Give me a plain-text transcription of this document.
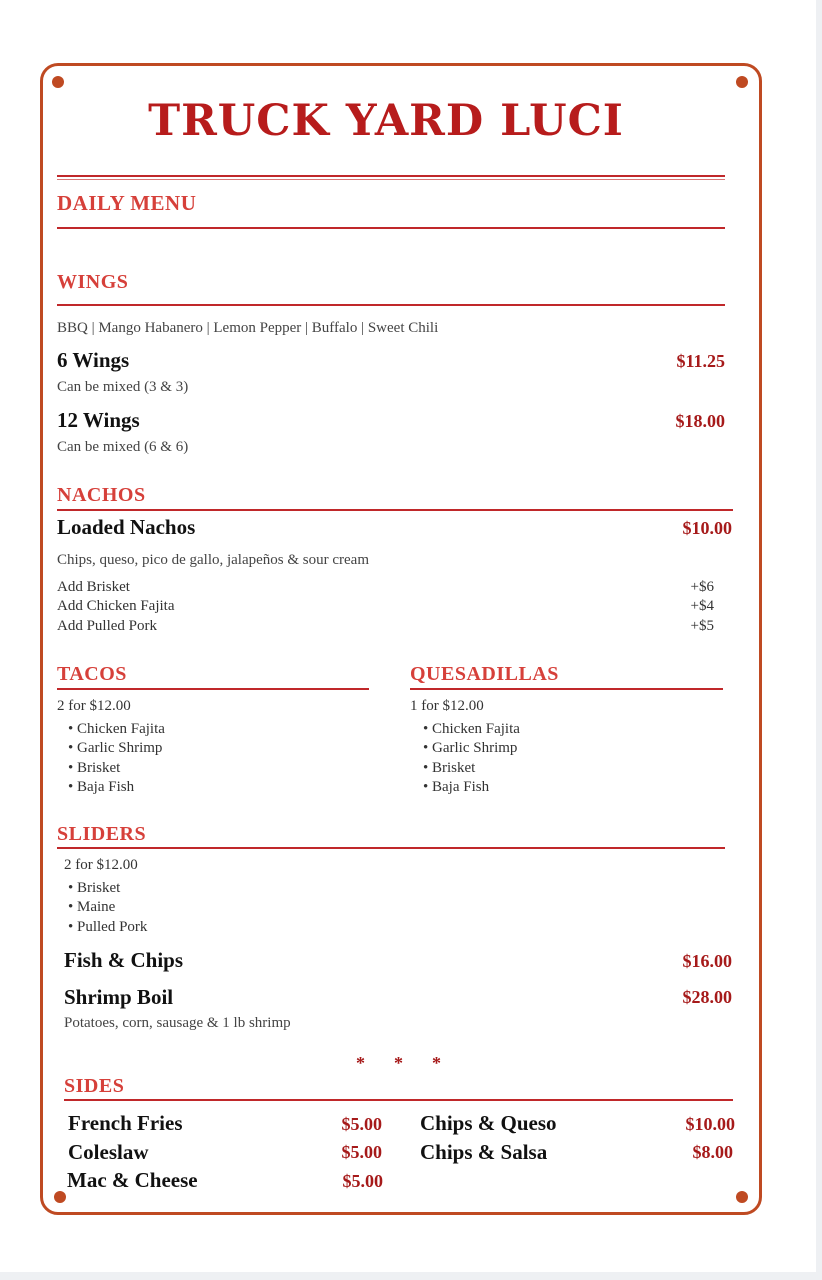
TRUCK YARD LUCI
DAILY MENU
WINGS
BBQ | Mango Habanero | Lemon Pepper | Buffalo | Sweet Chili
6 Wings	$11.25
Can be mixed (3 & 3)
12 Wings	$18.00
Can be mixed (6 & 6)
NACHOS
Loaded Nachos	$10.00
Chips, queso, pico de gallo, jalapeños & sour cream
Add Brisket	+$6
Add Chicken Fajita	+$4
Add Pulled Pork	+$5
TACOS
2 for $12.00
• Chicken Fajita
• Garlic Shrimp
• Brisket
• Baja Fish
QUESADILLAS
1 for $12.00
• Chicken Fajita
• Garlic Shrimp
• Brisket
• Baja Fish
SLIDERS
2 for $12.00
• Brisket
• Maine
• Pulled Pork
Fish & Chips	$16.00
Shrimp Boil	$28.00
Potatoes, corn, sausage & 1 lb shrimp
* * *
SIDES
French Fries	$5.00
Coleslaw	$5.00
Mac & Cheese	$5.00
Chips & Queso	$10.00
Chips & Salsa	$8.00
